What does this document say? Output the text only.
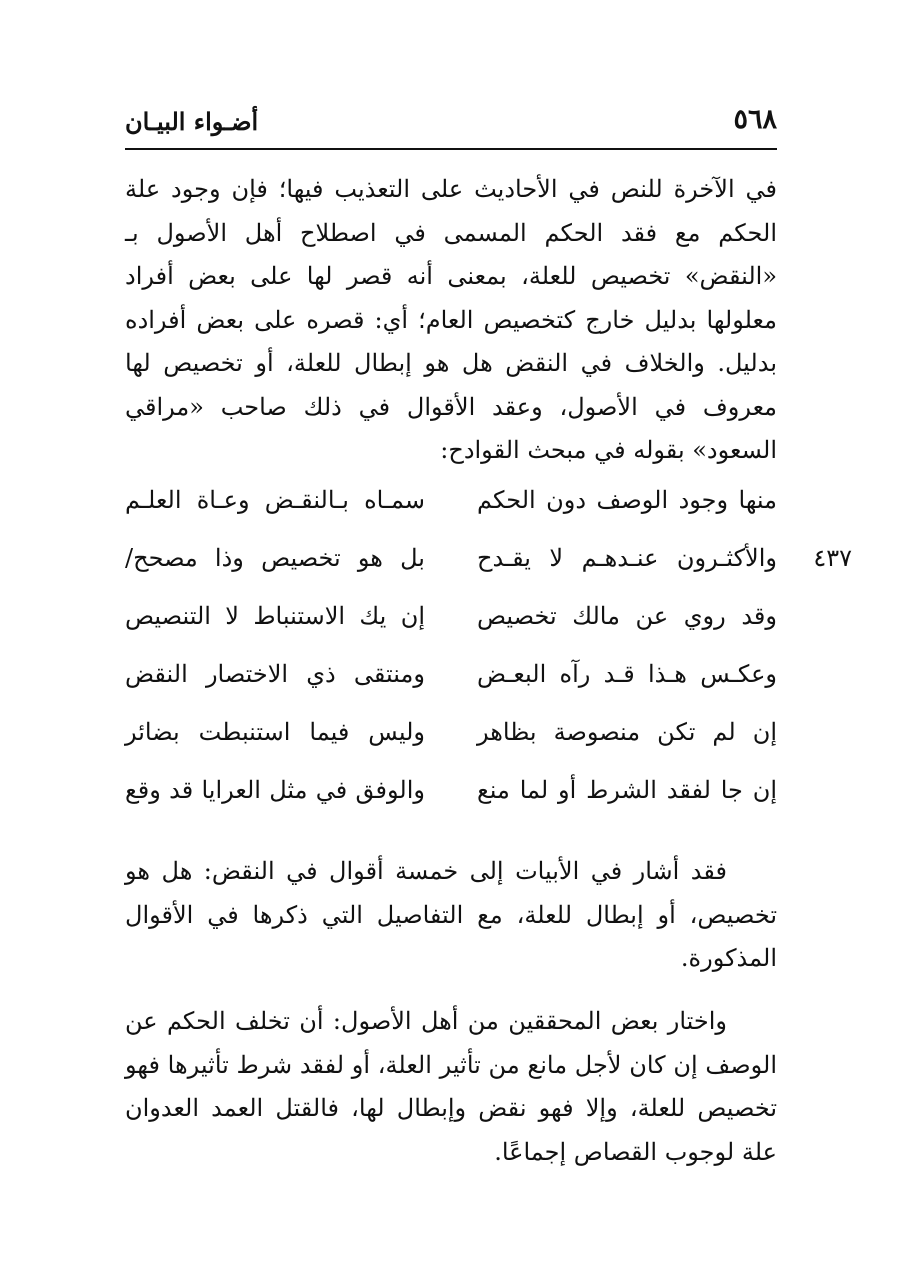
٥٦٨
أضـواء البيـان
في الآخرة للنص في الأحاديث على التعذيب فيها؛ فإن وجود علة الحكم مع فقد الحكم المسمى في اصطلاح أهل الأصول بـ «النقض» تخصيص للعلة، بمعنى أنه قصر لها على بعض أفراد معلولها بدليل خارج كتخصيص العام؛ أي: قصره على بعض أفراده بدليل. والخلاف في النقض هل هو إبطال للعلة، أو تخصيص لها معروف في الأصول، وعقد الأقوال في ذلك صاحب «مراقي السعود» بقوله في مبحث القوادح:
منها وجود الوصف دون الحكم
سمـاه بـالنقـض وعـاة العلـم
٤٣٧
والأكثـرون عنـدهـم لا يقـدح
بل هو تخصيص وذا مصحح/
وقد روي عن مالك تخصيص
إن يك الاستنباط لا التنصيص
وعكـس هـذا قـد رآه البعـض
ومنتقى ذي الاختصار النقض
إن لم تكن منصوصة بظاهر
وليس فيما استنبطت بضائر
إن جا لفقد الشرط أو لما منع
والوفق في مثل العرايا قد وقع
فقد أشار في الأبيات إلى خمسة أقوال في النقض: هل هو تخصيص، أو إبطال للعلة، مع التفاصيل التي ذكرها في الأقوال المذكورة.
واختار بعض المحققين من أهل الأصول: أن تخلف الحكم عن الوصف إن كان لأجل مانع من تأثير العلة، أو لفقد شرط تأثيرها فهو تخصيص للعلة، وإلا فهو نقض وإبطال لها، فالقتل العمد العدوان علة لوجوب القصاص إجماعًا.
